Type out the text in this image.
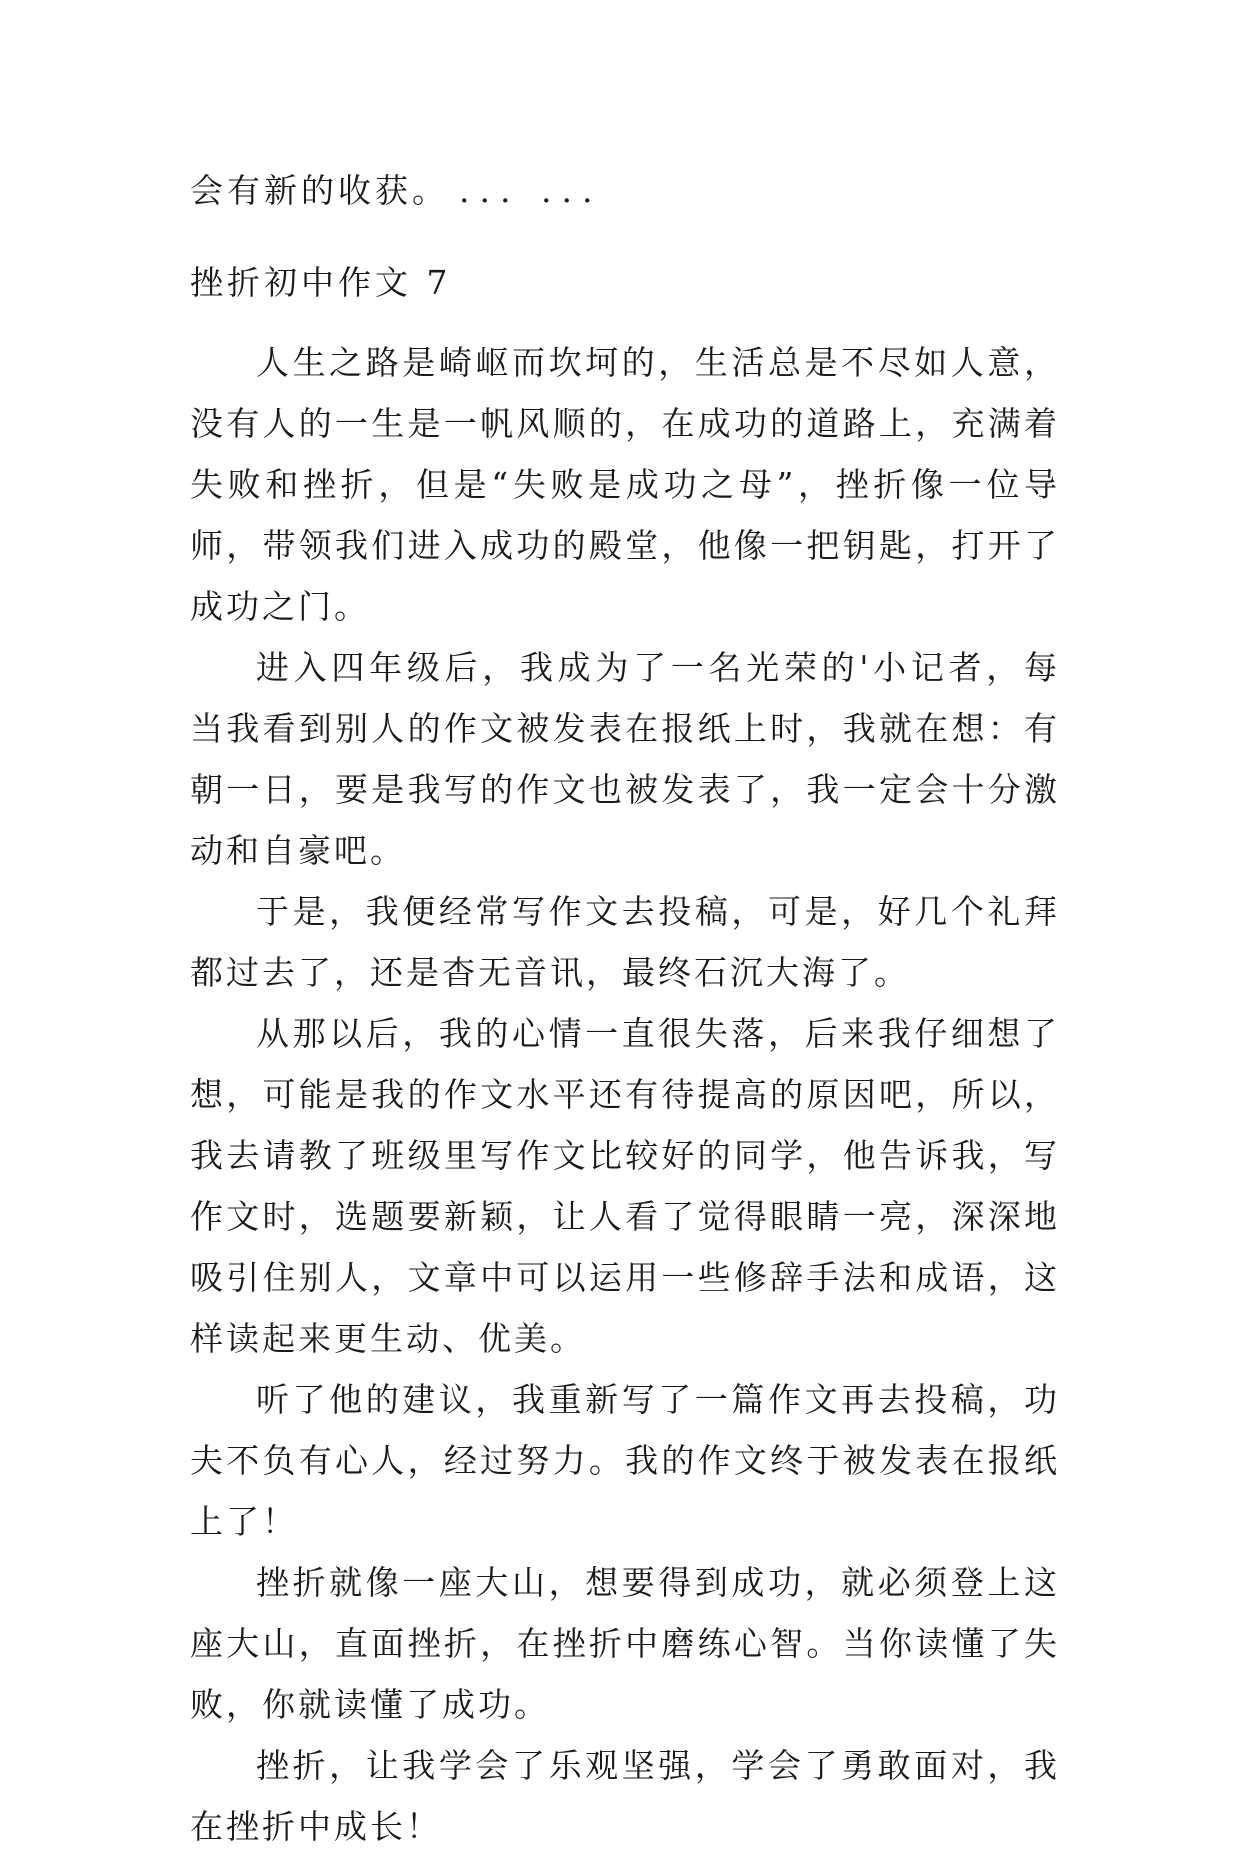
会有新的收获。 ... ...
挫折初中作文 7

人生之路是崎岖而坎坷的，生活总是不尽如人意，没有人的一生是一帆风顺的，在成功的道路上，充满着失败和挫折，但是“失败是成功之母”，挫折像一位导师，带领我们进入成功的殿堂，他像一把钥匙，打开了成功之门。

进入四年级后，我成为了一名光荣的'小记者，每当我看到别人的作文被发表在报纸上时，我就在想：有朝一日，要是我写的作文也被发表了，我一定会十分激动和自豪吧。

于是，我便经常写作文去投稿，可是，好几个礼拜都过去了，还是杳无音讯，最终石沉大海了。

从那以后，我的心情一直很失落，后来我仔细想了想，可能是我的作文水平还有待提高的原因吧，所以，我去请教了班级里写作文比较好的同学，他告诉我，写作文时，选题要新颖，让人看了觉得眼睛一亮，深深地吸引住别人，文章中可以运用一些修辞手法和成语，这样读起来更生动、优美。

听了他的建议，我重新写了一篇作文再去投稿，功夫不负有心人，经过努力。我的作文终于被发表在报纸上了！

挫折就像一座大山，想要得到成功，就必须登上这座大山，直面挫折，在挫折中磨练心智。当你读懂了失败，你就读懂了成功。

挫折，让我学会了乐观坚强，学会了勇敢面对，我在挫折中成长！
